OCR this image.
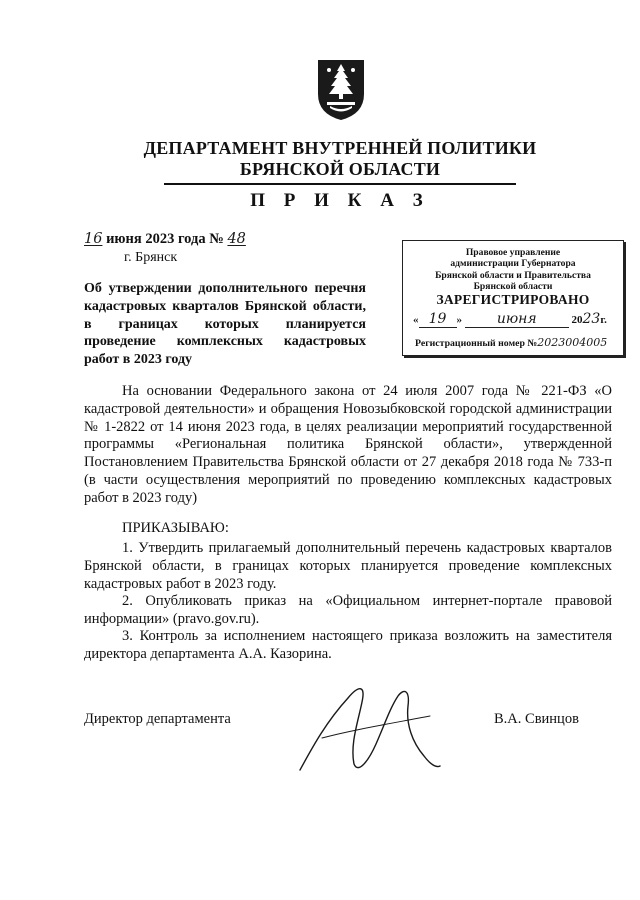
ДЕПАРТАМЕНТ ВНУТРЕННЕЙ ПОЛИТИКИ
БРЯНСКОЙ ОБЛАСТИ
П Р И К А З
16 июня 2023 года № 48
г. Брянск
Об утверждении дополнительного перечня кадастровых кварталов Брянской области, в границах которых планируется проведение комплексных кадастровых работ в 2023 году
Правовое управление
администрации Губернатора
Брянской области и Правительства
Брянской области
ЗАРЕГИСТРИРОВАНО
« 19 » июня	2023г.
Регистрационный номер №2023004005
На основании Федерального закона от 24 июля 2007 года № 221-ФЗ «О кадастровой деятельности» и обращения Новозыбковской городской администрации № 1-2822 от 14 июня 2023 года, в целях реализации мероприятий государственной программы «Региональная политика Брянской области», утвержденной Постановлением Правительства Брянской области от 27 декабря 2018 года № 733-п (в части осуществления мероприятий по проведению комплексных кадастровых работ в 2023 году)
ПРИКАЗЫВАЮ:
1. Утвердить прилагаемый дополнительный перечень кадастровых кварталов Брянской области, в границах которых планируется проведение комплексных кадастровых работ в 2023 году.
2. Опубликовать приказ на «Официальном интернет-портале правовой информации» (pravo.gov.ru).
3. Контроль за исполнением настоящего приказа возложить на заместителя директора департамента А.А. Казорина.
Директор департамента	В.А. Свинцов
